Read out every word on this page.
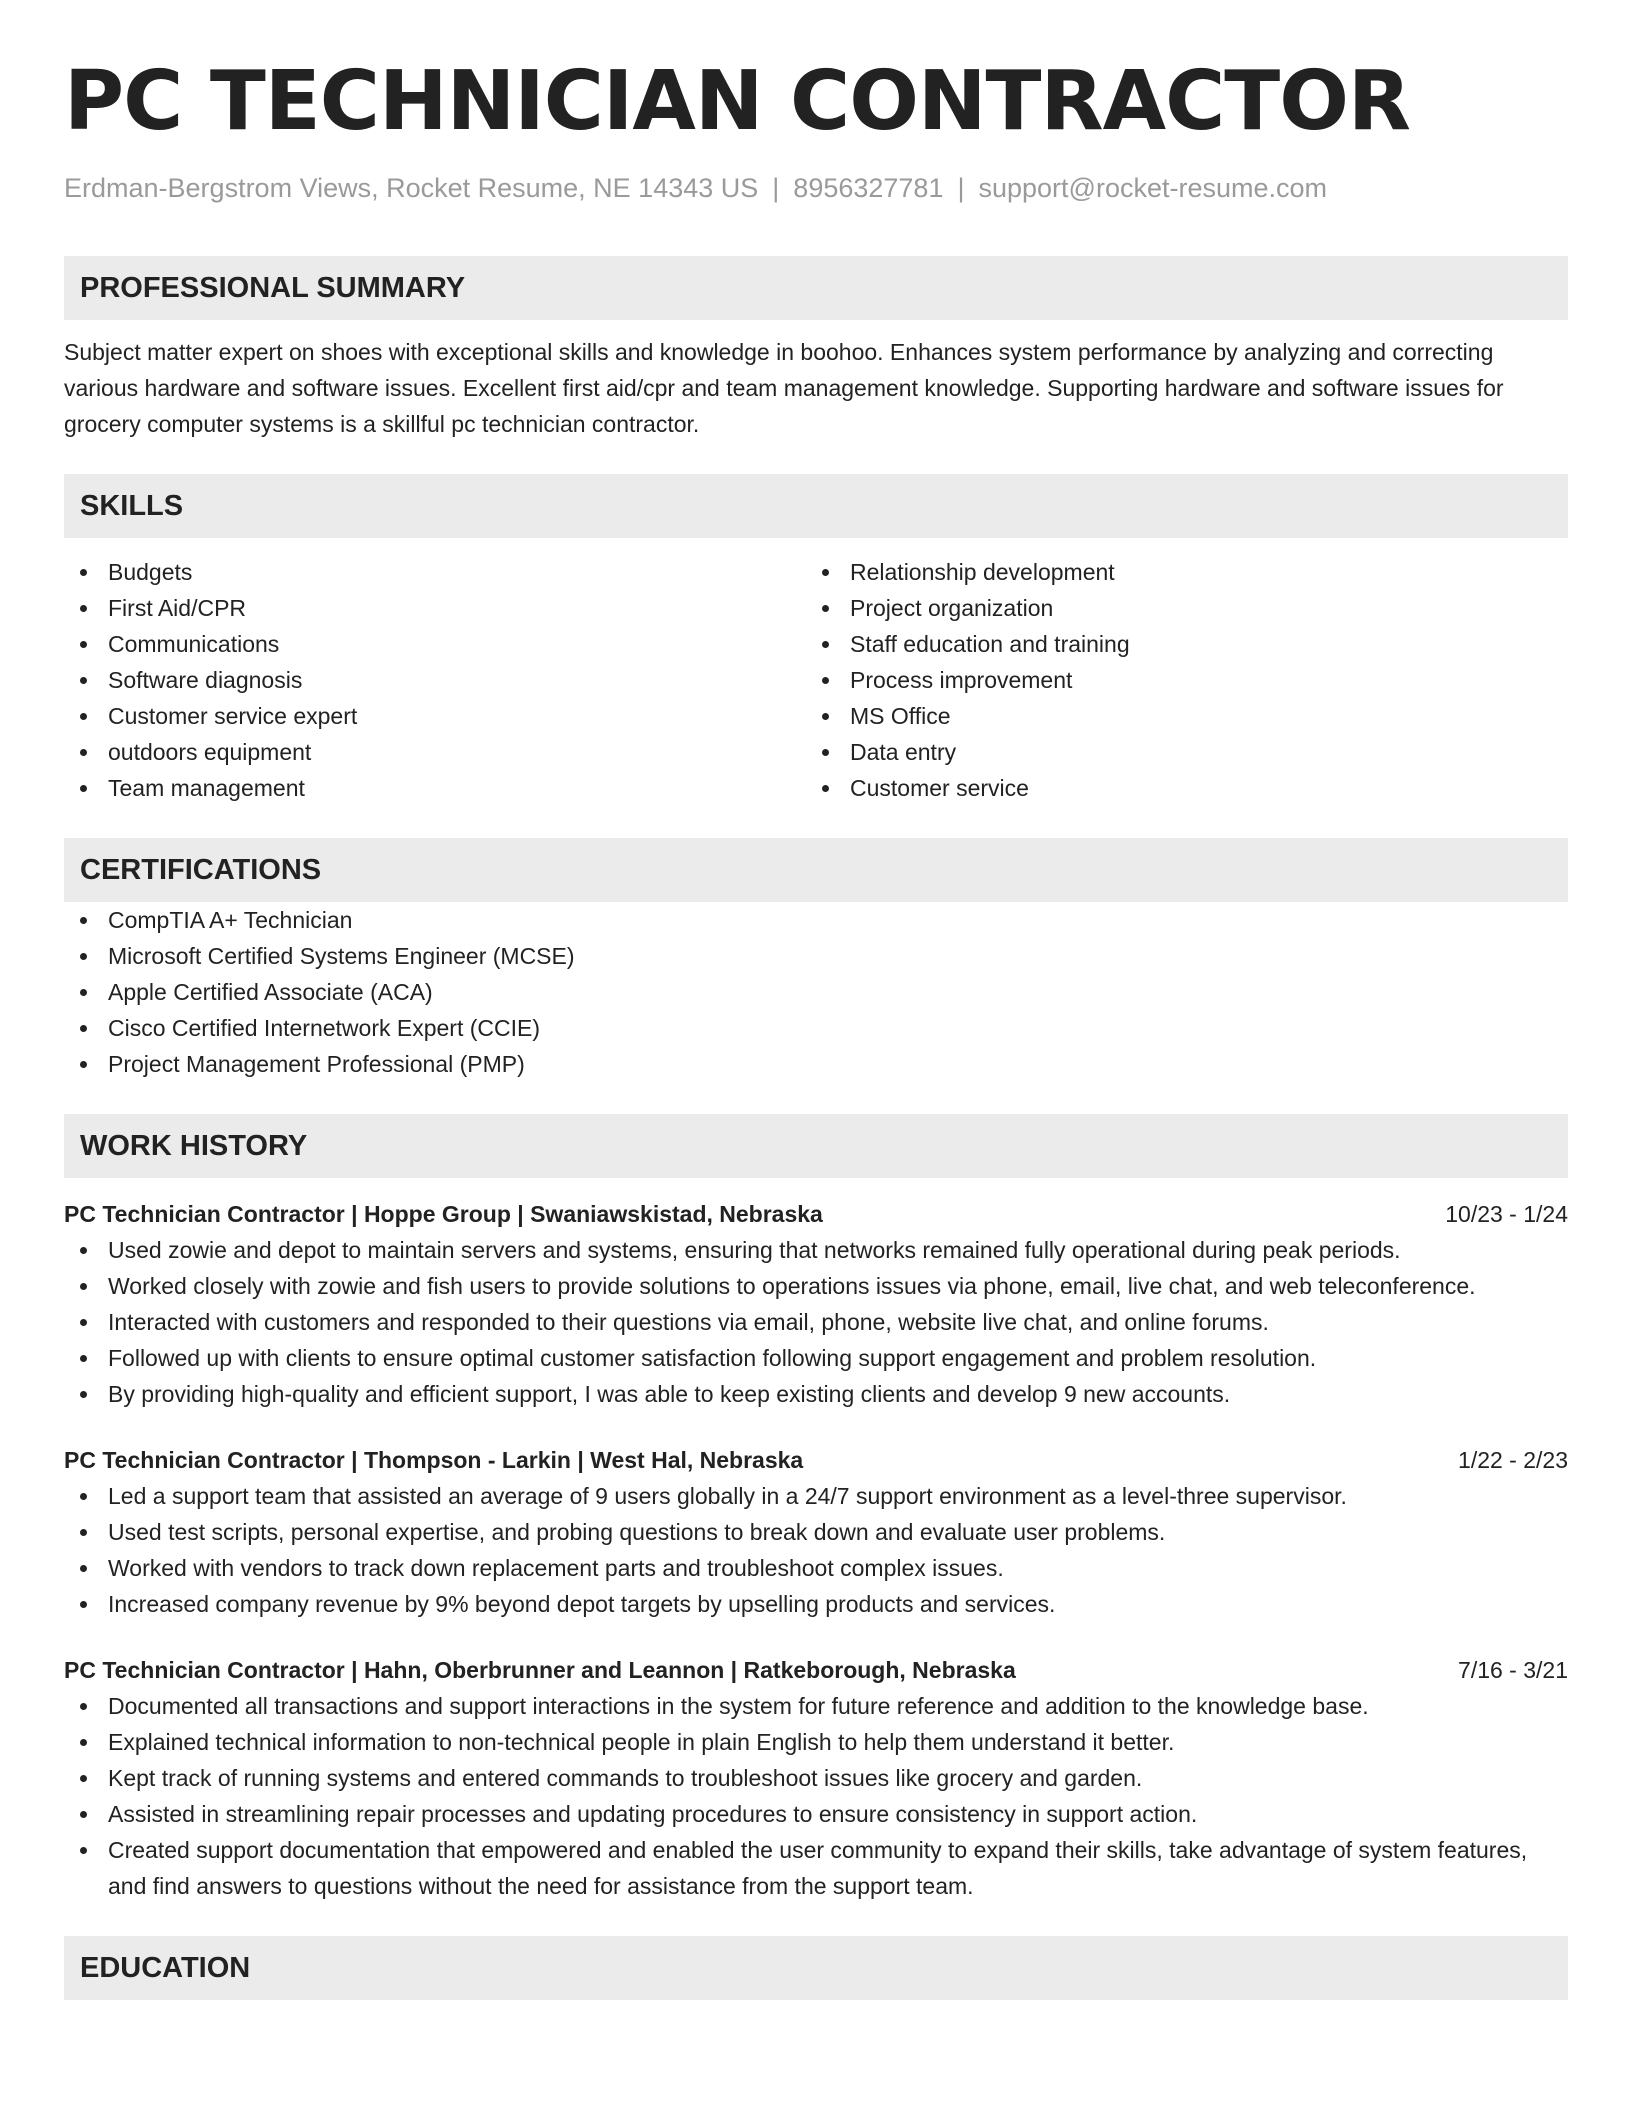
PC TECHNICIAN CONTRACTOR
Erdman-Bergstrom Views, Rocket Resume, NE 14343 US | 8956327781 | support@rocket-resume.com
PROFESSIONAL SUMMARY

Subject matter expert on shoes with exceptional skills and knowledge in boohoo. Enhances system performance by analyzing and correcting various hardware and software issues. Excellent first aid/cpr and team management knowledge. Supporting hardware and software issues for grocery computer systems is a skillful pc technician contractor.

SKILLS
Budgets
First Aid/CPR
Communications
Software diagnosis
Customer service expert
outdoors equipment
Team management
Relationship development
Project organization
Staff education and training
Process improvement
MS Office
Data entry
Customer service
CERTIFICATIONS
CompTIA A+ Technician
Microsoft Certified Systems Engineer (MCSE)
Apple Certified Associate (ACA)
Cisco Certified Internetwork Expert (CCIE)
Project Management Professional (PMP)
WORK HISTORY
PC Technician Contractor | Hoppe Group | Swaniawskistad, Nebraska	10/23 - 1/24
Used zowie and depot to maintain servers and systems, ensuring that networks remained fully operational during peak periods.
Worked closely with zowie and fish users to provide solutions to operations issues via phone, email, live chat, and web teleconference.
Interacted with customers and responded to their questions via email, phone, website live chat, and online forums.
Followed up with clients to ensure optimal customer satisfaction following support engagement and problem resolution.
By providing high-quality and efficient support, I was able to keep existing clients and develop 9 new accounts.
PC Technician Contractor | Thompson - Larkin | West Hal, Nebraska	1/22 - 2/23
Led a support team that assisted an average of 9 users globally in a 24/7 support environment as a level-three supervisor.
Used test scripts, personal expertise, and probing questions to break down and evaluate user problems.
Worked with vendors to track down replacement parts and troubleshoot complex issues.
Increased company revenue by 9% beyond depot targets by upselling products and services.
PC Technician Contractor | Hahn, Oberbrunner and Leannon | Ratkeborough, Nebraska	7/16 - 3/21
Documented all transactions and support interactions in the system for future reference and addition to the knowledge base.
Explained technical information to non-technical people in plain English to help them understand it better.
Kept track of running systems and entered commands to troubleshoot issues like grocery and garden.
Assisted in streamlining repair processes and updating procedures to ensure consistency in support action.
Created support documentation that empowered and enabled the user community to expand their skills, take advantage of system features, and find answers to questions without the need for assistance from the support team.
EDUCATION
